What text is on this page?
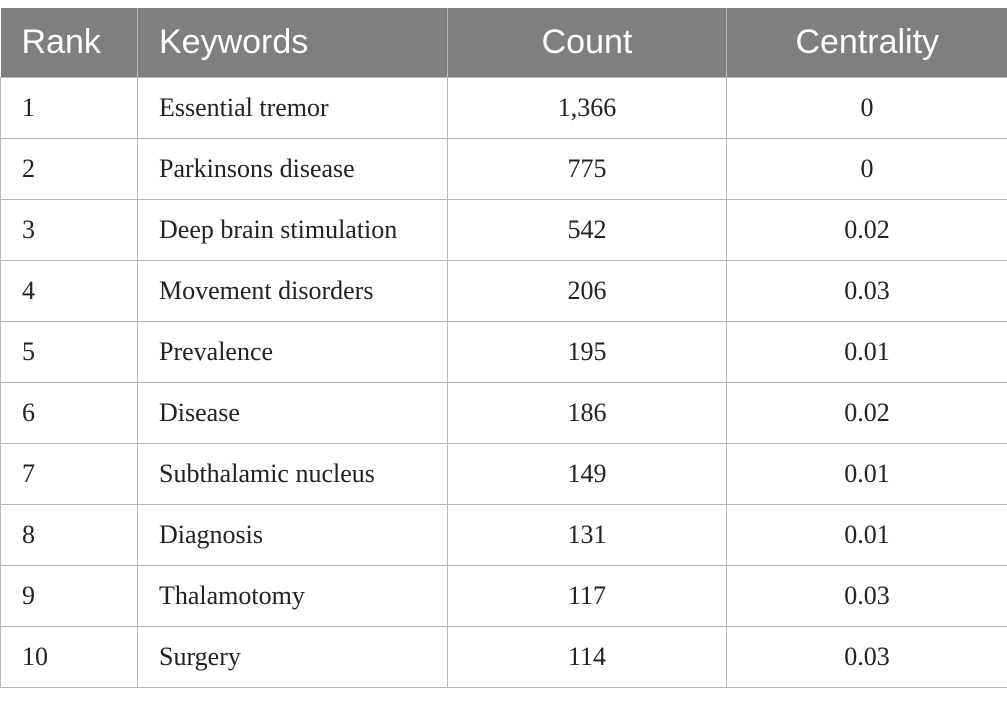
Rank	Keywords	Count	Centrality
1	Essential tremor	1,366	0
2	Parkinsons disease	775	0
3	Deep brain stimulation	542	0.02
4	Movement disorders	206	0.03
5	Prevalence	195	0.01
6	Disease	186	0.02
7	Subthalamic nucleus	149	0.01
8	Diagnosis	131	0.01
9	Thalamotomy	117	0.03
10	Surgery	114	0.03
